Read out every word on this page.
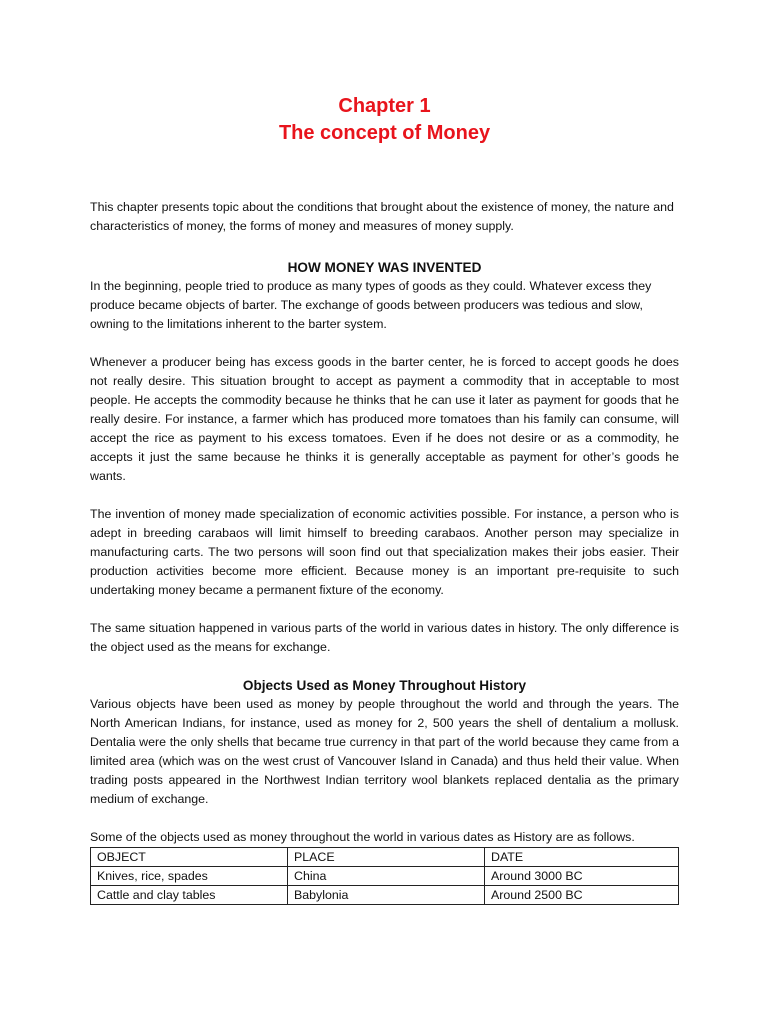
Chapter 1
The concept of Money

This chapter presents topic about the conditions that brought about the existence of money, the nature and characteristics of money, the forms of money and measures of money supply.

HOW MONEY WAS INVENTED

In the beginning, people tried to produce as many types of goods as they could. Whatever excess they produce became objects of barter. The exchange of goods between producers was tedious and slow, owning to the limitations inherent to the barter system.

Whenever a producer being has excess goods in the barter center, he is forced to accept goods he does not really desire. This situation brought to accept as payment a commodity that in acceptable to most people. He accepts the commodity because he thinks that he can use it later as payment for goods that he really desire. For instance, a farmer which has produced more tomatoes than his family can consume, will accept the rice as payment to his excess tomatoes. Even if he does not desire or as a commodity, he accepts it just the same because he thinks it is generally acceptable as payment for other’s goods he wants.

The invention of money made specialization of economic activities possible. For instance, a person who is adept in breeding carabaos will limit himself to breeding carabaos. Another person may specialize in manufacturing carts. The two persons will soon find out that specialization makes their jobs easier. Their production activities become more efficient. Because money is an important pre-requisite to such undertaking money became a permanent fixture of the economy.

The same situation happened in various parts of the world in various dates in history. The only difference is the object used as the means for exchange.

Objects Used as Money Throughout History

Various objects have been used as money by people throughout the world and through the years. The North American Indians, for instance, used as money for 2, 500 years the shell of dentalium a mollusk. Dentalia were the only shells that became true currency in that part of the world because they came from a limited area (which was on the west crust of Vancouver Island in Canada) and thus held their value. When trading posts appeared in the Northwest Indian territory wool blankets replaced dentalia as the primary medium of exchange.

Some of the objects used as money throughout the world in various dates as History are as follows.

OBJECT	PLACE	DATE
Knives, rice, spades	China	Around 3000 BC
Cattle and clay tables	Babylonia	Around 2500 BC
